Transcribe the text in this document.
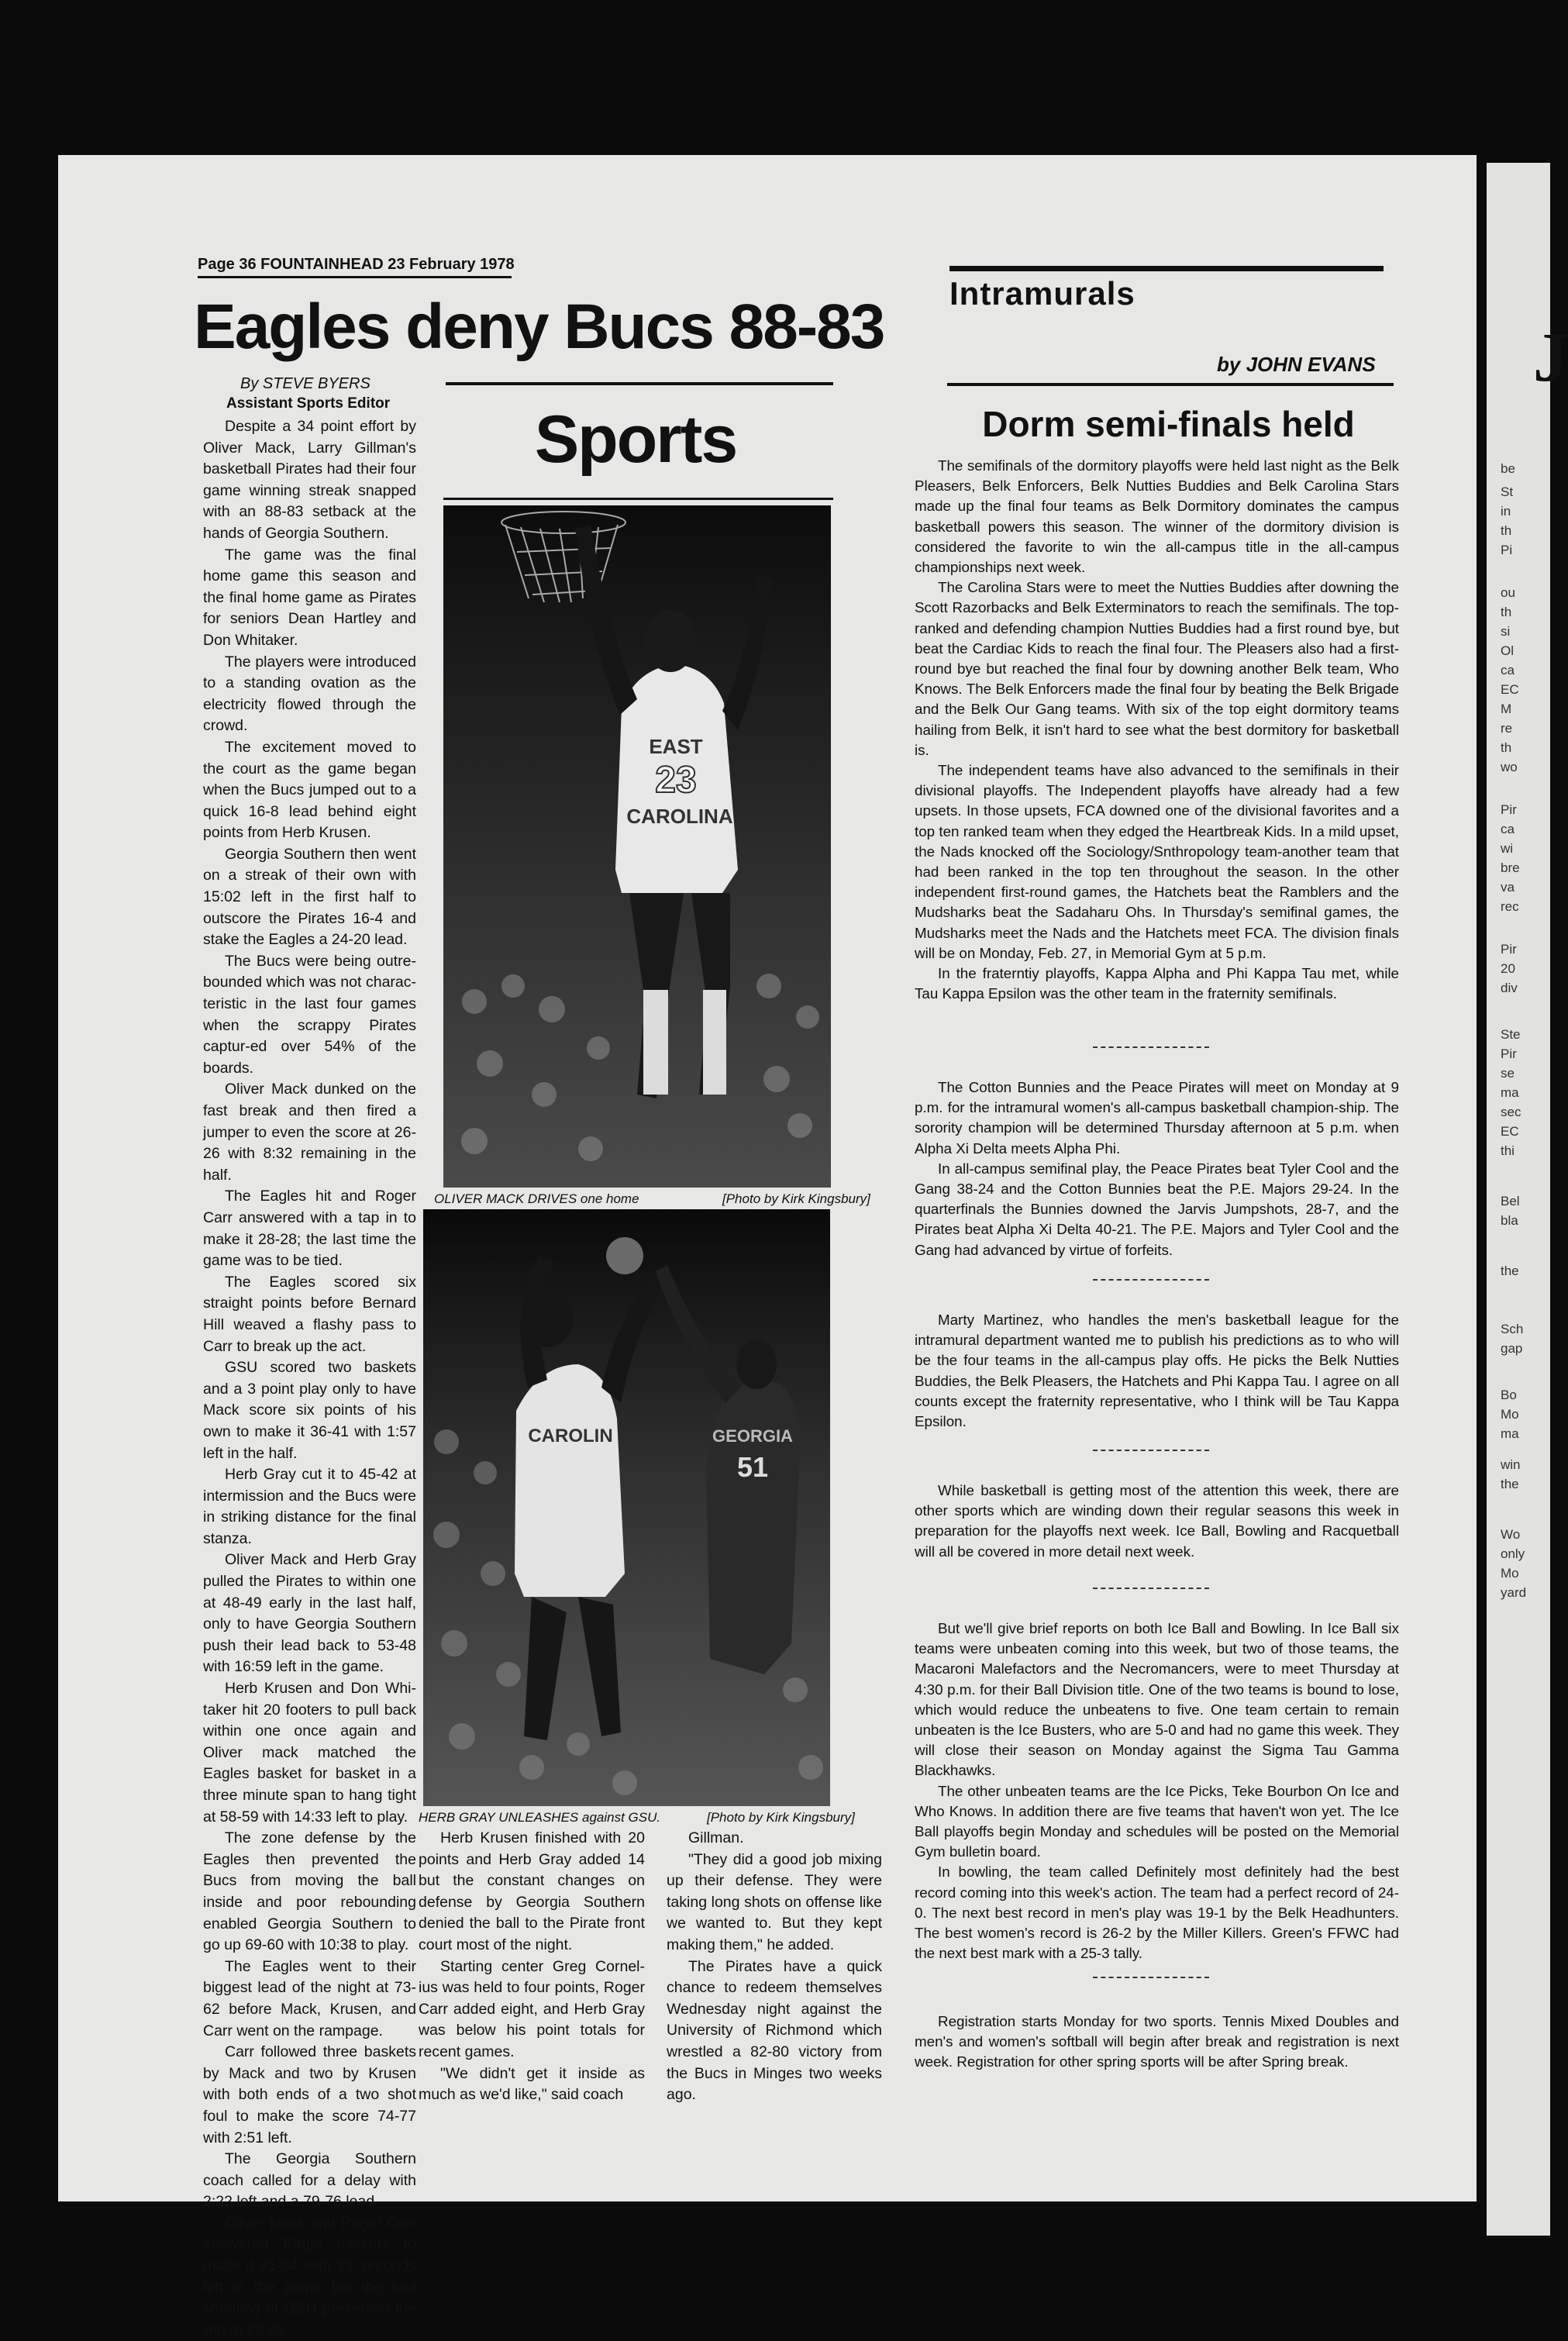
J
be
St
in
th
Pi
ou
th
si
Ol
ca
EC
M
re
th
wo
Pir
ca
wi
bre
va
rec
Pir
20
div
Ste
Pir
se
ma
sec
EC
thi
Bel
bla
the
Sch
gap
Bo
Mo
ma
win
the
Wo
only
Mo
yard
Page 36 FOUNTAINHEAD 23 February 1978
Eagles deny Bucs 88-83
By STEVE BYERS
Assistant Sports Editor

Despite a 34 point effort by Oliver Mack, Larry Gillman's basketball Pirates had their four game winning streak snapped with an 88-83 setback at the hands of Georgia Southern.

The game was the final home game this season and the final home game as Pirates for seniors Dean Hartley and Don Whitaker.

The players were introduced to a standing ovation as the electricity flowed through the crowd.

The excitement moved to the court as the game began when the Bucs jumped out to a quick 16-8 lead behind eight points from Herb Krusen.

Georgia Southern then went on a streak of their own with 15:02 left in the first half to outscore the Pirates 16-4 and stake the Eagles a 24-20 lead.

The Bucs were being outre-bounded which was not charac-teristic in the last four games when the scrappy Pirates captur-ed over 54% of the boards.

Oliver Mack dunked on the fast break and then fired a jumper to even the score at 26-26 with 8:32 remaining in the half.

The Eagles hit and Roger Carr answered with a tap in to make it 28-28; the last time the game was to be tied.

The Eagles scored six straight points before Bernard Hill weaved a flashy pass to Carr to break up the act.

GSU scored two baskets and a 3 point play only to have Mack score six points of his own to make it 36-41 with 1:57 left in the half.

Herb Gray cut it to 45-42 at intermission and the Bucs were in striking distance for the final stanza.

Oliver Mack and Herb Gray pulled the Pirates to within one at 48-49 early in the last half, only to have Georgia Southern push their lead back to 53-48 with 16:59 left in the game.

Herb Krusen and Don Whi-taker hit 20 footers to pull back within one once again and Oliver mack matched the Eagles basket for basket in a three minute span to hang tight at 58-59 with 14:33 left to play.

The zone defense by the Eagles then prevented the Bucs from moving the ball inside and poor rebounding enabled Georgia Southern to go up 69-60 with 10:38 to play.

The Eagles went to their biggest lead of the night at 73-62 before Mack, Krusen, and Carr went on the rampage.

Carr followed three baskets by Mack and two by Krusen with both ends of a two shot foul to make the score 74-77 with 2:51 left.

The Georgia Southern coach called for a delay with 2:22 left and a 79-76 lead.

Oliver Mack and Roger Carr answered Eagle baskets to make it 81-84 with 22 seconds left in the game but the foul shooting of GSU preserved the win at 88-83.

Sports
EAST
23
CAROLINA
OLIVER MACK DRIVES one home	[Photo by Kirk Kingsbury]
CAROLIN	GEORGIA
51
HERB GRAY UNLEASHES against GSU.	[Photo by Kirk Kingsbury]

Herb Krusen finished with 20 points and Herb Gray added 14 but the constant changes on defense by Georgia Southern denied the ball to the Pirate front court most of the night.

Starting center Greg Cornel-ius was held to four points, Roger Carr added eight, and Herb Gray was below his point totals for recent games.

"We didn't get it inside as much as we'd like," said coach

Gillman.

"They did a good job mixing up their defense. They were taking long shots on offense like we wanted to. But they kept making them," he added.

The Pirates have a quick chance to redeem themselves Wednesday night against the University of Richmond which wrestled a 82-80 victory from the Bucs in Minges two weeks ago.

Intramurals
by JOHN EVANS
Dorm semi-finals held

The semifinals of the dormitory playoffs were held last night as the Belk Pleasers, Belk Enforcers, Belk Nutties Buddies and Belk Carolina Stars made up the final four teams as Belk Dormitory dominates the campus basketball powers this season. The winner of the dormitory division is considered the favorite to win the all-campus title in the all-campus championships next week.

The Carolina Stars were to meet the Nutties Buddies after downing the Scott Razorbacks and Belk Exterminators to reach the semifinals. The top-ranked and defending champion Nutties Buddies had a first round bye, but beat the Cardiac Kids to reach the final four. The Pleasers also had a first-round bye but reached the final four by downing another Belk team, Who Knows. The Belk Enforcers made the final four by beating the Belk Brigade and the Belk Our Gang teams. With six of the top eight dormitory teams hailing from Belk, it isn't hard to see what the best dormitory for basketball is.

The independent teams have also advanced to the semifinals in their divisional playoffs. The Independent playoffs have already had a few upsets. In those upsets, FCA downed one of the divisional favorites and a top ten ranked team when they edged the Heartbreak Kids. In a mild upset, the Nads knocked off the Sociology/Snthropology team-another team that had been ranked in the top ten throughout the season. In the other independent first-round games, the Hatchets beat the Ramblers and the Mudsharks beat the Sadaharu Ohs. In Thursday's semifinal games, the Mudsharks meet the Nads and the Hatchets meet FCA. The division finals will be on Monday, Feb. 27, in Memorial Gym at 5 p.m.

In the fraterntiy playoffs, Kappa Alpha and Phi Kappa Tau met, while Tau Kappa Epsilon was the other team in the fraternity semifinals.

The Cotton Bunnies and the Peace Pirates will meet on Monday at 9 p.m. for the intramural women's all-campus basketball champion-ship. The sorority champion will be determined Thursday afternoon at 5 p.m. when Alpha Xi Delta meets Alpha Phi.

In all-campus semifinal play, the Peace Pirates beat Tyler Cool and the Gang 38-24 and the Cotton Bunnies beat the P.E. Majors 29-24. In the quarterfinals the Bunnies downed the Jarvis Jumpshots, 28-7, and the Pirates beat Alpha Xi Delta 40-21. The P.E. Majors and Tyler Cool and the Gang had advanced by virtue of forfeits.

Marty Martinez, who handles the men's basketball league for the intramural department wanted me to publish his predictions as to who will be the four teams in the all-campus play offs. He picks the Belk Nutties Buddies, the Belk Pleasers, the Hatchets and Phi Kappa Tau. I agree on all counts except the fraternity representative, who I think will be Tau Kappa Epsilon.

While basketball is getting most of the attention this week, there are other sports which are winding down their regular seasons this week in preparation for the playoffs next week. Ice Ball, Bowling and Racquetball will all be covered in more detail next week.

But we'll give brief reports on both Ice Ball and Bowling. In Ice Ball six teams were unbeaten coming into this week, but two of those teams, the Macaroni Malefactors and the Necromancers, were to meet Thursday at 4:30 p.m. for their Ball Division title. One of the two teams is bound to lose, which would reduce the unbeatens to five. One team certain to remain unbeaten is the Ice Busters, who are 5-0 and had no game this week. They will close their season on Monday against the Sigma Tau Gamma Blackhawks.

The other unbeaten teams are the Ice Picks, Teke Bourbon On Ice and Who Knows. In addition there are five teams that haven't won yet. The Ice Ball playoffs begin Monday and schedules will be posted on the Memorial Gym bulletin board.

In bowling, the team called Definitely most definitely had the best record coming into this week's action. The team had a perfect record of 24-0. The next best record in men's play was 19-1 by the Belk Headhunters. The best women's record is 26-2 by the Miller Killers. Green's FFWC had the next best mark with a 25-3 tally.

Registration starts Monday for two sports. Tennis Mixed Doubles and men's and women's softball will begin after break and registration is next week. Registration for other spring sports will be after Spring break.
